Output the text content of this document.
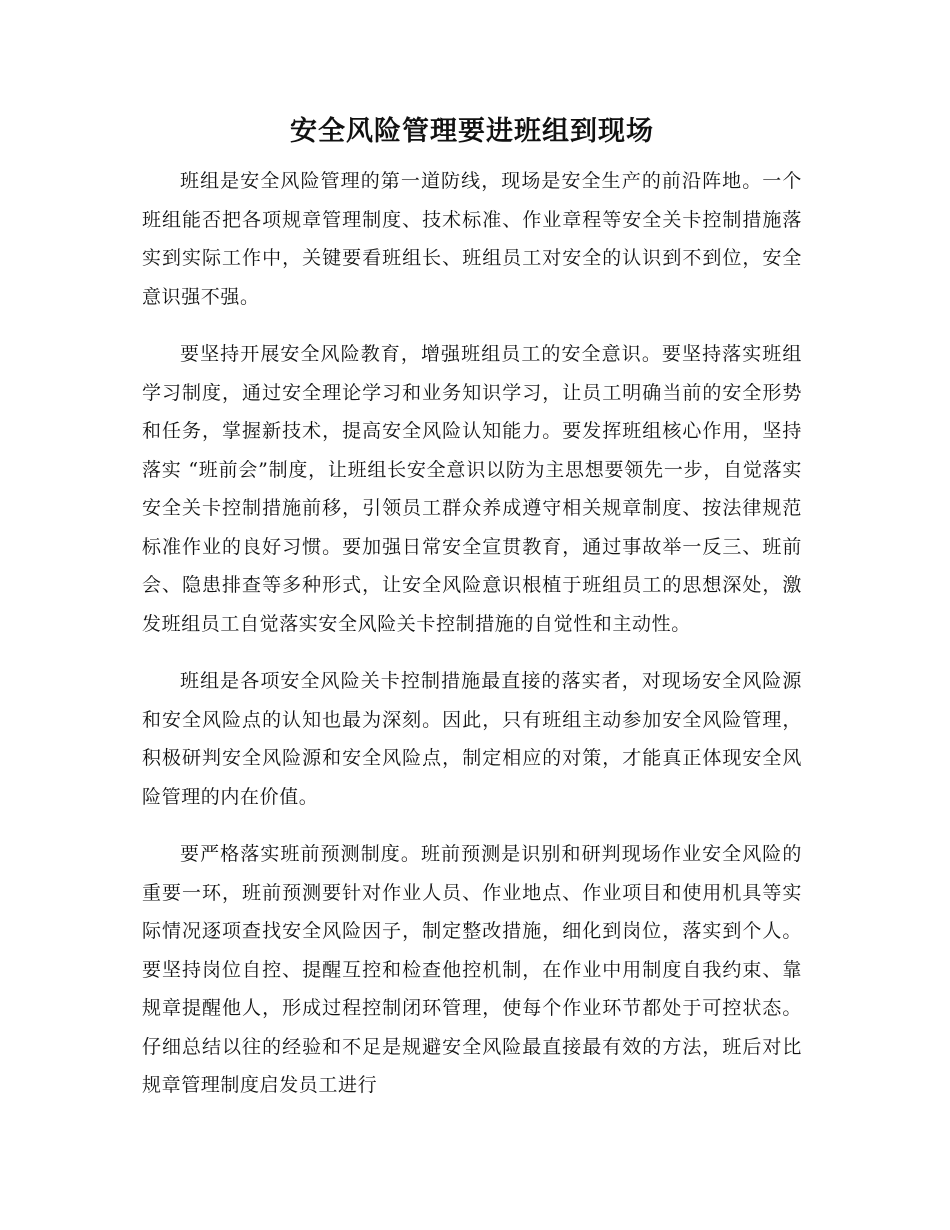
安全风险管理要进班组到现场

班组是安全风险管理的第一道防线，现场是安全生产的前沿阵地。一个班组能否把各项规章管理制度、技术标准、作业章程等安全关卡控制措施落实到实际工作中，关键要看班组长、班组员工对安全的认识到不到位，安全意识强不强。

要坚持开展安全风险教育，增强班组员工的安全意识。要坚持落实班组学习制度，通过安全理论学习和业务知识学习，让员工明确当前的安全形势和任务，掌握新技术，提高安全风险认知能力。要发挥班组核心作用，坚持落实 “班前会”制度，让班组长安全意识以防为主思想要领先一步，自觉落实安全关卡控制措施前移，引领员工群众养成遵守相关规章制度、按法律规范标准作业的良好习惯。要加强日常安全宣贯教育，通过事故举一反三、班前会、隐患排查等多种形式，让安全风险意识根植于班组员工的思想深处，激发班组员工自觉落实安全风险关卡控制措施的自觉性和主动性。

班组是各项安全风险关卡控制措施最直接的落实者，对现场安全风险源和安全风险点的认知也最为深刻。因此，只有班组主动参加安全风险管理，积极研判安全风险源和安全风险点，制定相应的对策，才能真正体现安全风险管理的内在价值。

要严格落实班前预测制度。班前预测是识别和研判现场作业安全风险的重要一环，班前预测要针对作业人员、作业地点、作业项目和使用机具等实际情况逐项查找安全风险因子，制定整改措施，细化到岗位，落实到个人。要坚持岗位自控、提醒互控和检查他控机制，在作业中用制度自我约束、靠规章提醒他人，形成过程控制闭环管理，使每个作业环节都处于可控状态。仔细总结以往的经验和不足是规避安全风险最直接最有效的方法，班后对比规章管理制度启发员工进行
